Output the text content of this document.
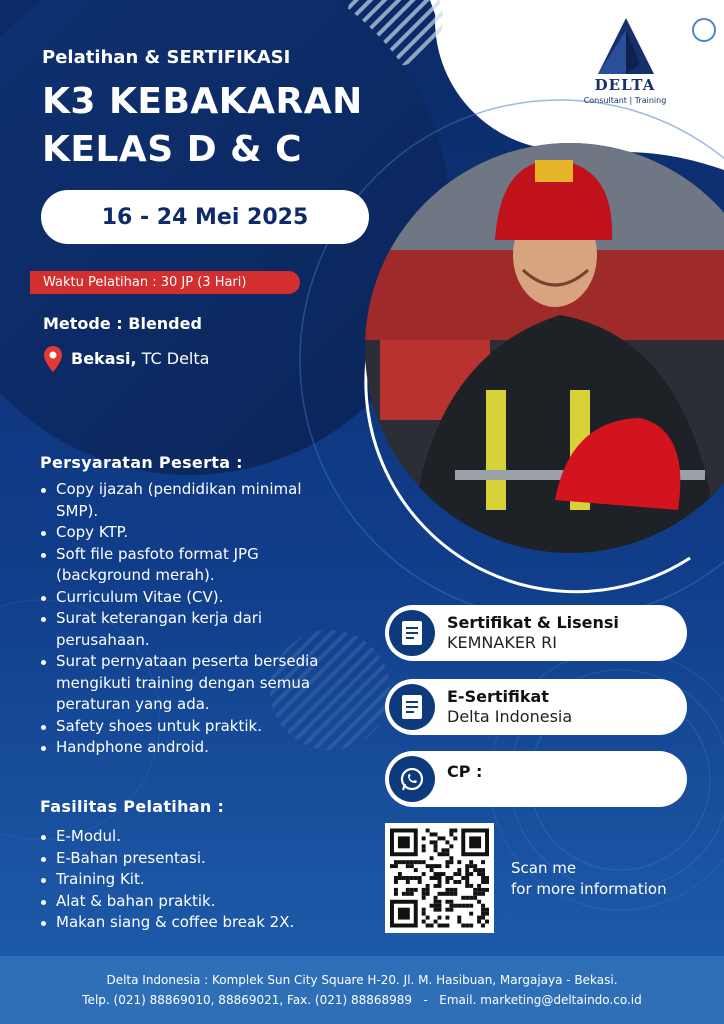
DELTA
Consultant | Training
Pelatihan & SERTIFIKASI
K3 KEBAKARAN
KELAS D & C
16 - 24 Mei 2025
Waktu Pelatihan : 30 JP (3 Hari)
Metode : Blended
Bekasi, TC Delta
Persyaratan Peserta :
Copy ijazah (pendidikan minimal SMP).
Copy KTP.
Soft file pasfoto format JPG (background merah).
Curriculum Vitae (CV).
Surat keterangan kerja dari perusahaan.
Surat pernyataan peserta bersedia mengikuti training dengan semua peraturan yang ada.
Safety shoes untuk praktik.
Handphone android.
Fasilitas Pelatihan :
E-Modul.
E-Bahan presentasi.
Training Kit.
Alat & bahan praktik.
Makan siang & coffee break 2X.
Sertifikat & Lisensi
KEMNAKER RI
E-Sertifikat
Delta Indonesia
CP :
Scan me
for more information
Delta Indonesia : Komplek Sun City Square H-20. Jl. M. Hasibuan, Margajaya - Bekasi.
Telp. (021) 88869010, 88869021, Fax. (021) 88868989   -   Email. marketing@deltaindo.co.id
